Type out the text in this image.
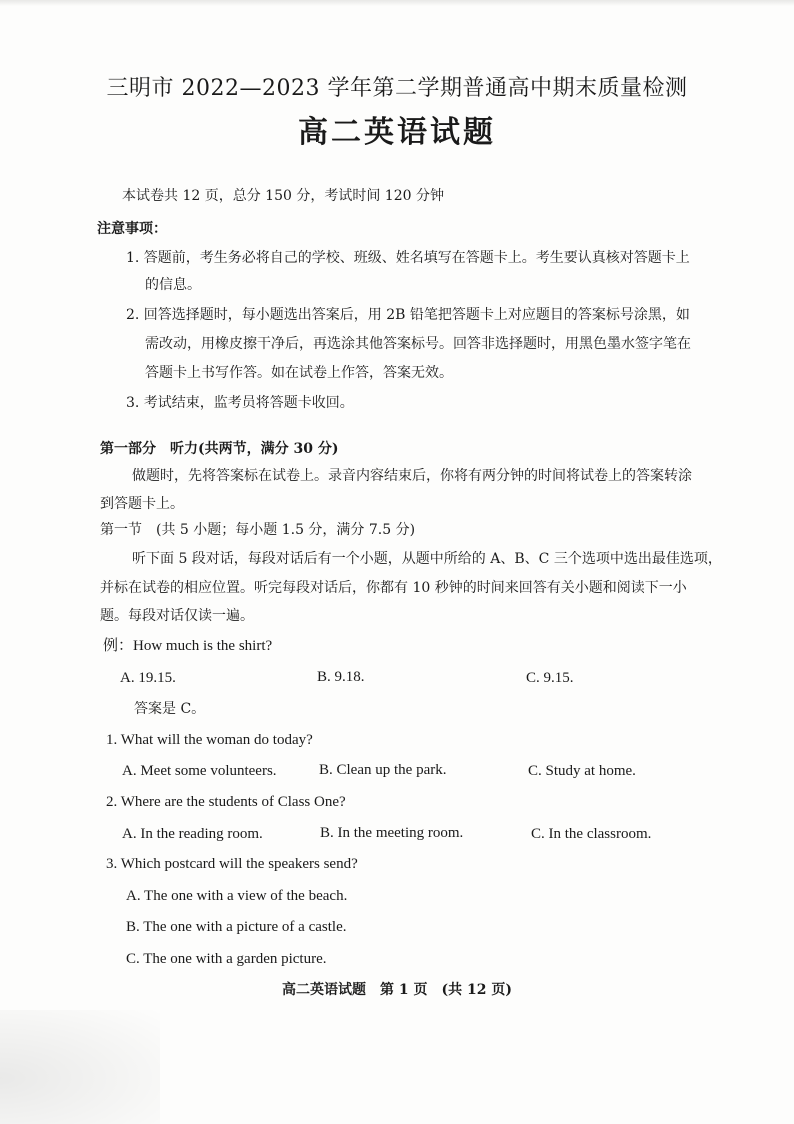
三明市 2022—2023 学年第二学期普通高中期末质量检测
高二英语试题
本试卷共 12 页，总分 150 分，考试时间 120 分钟
注意事项：
1. 答题前，考生务必将自己的学校、班级、姓名填写在答题卡上。考生要认真核对答题卡上
的信息。
2. 回答选择题时，每小题选出答案后，用 2B 铅笔把答题卡上对应题目的答案标号涂黑，如
需改动，用橡皮擦干净后，再选涂其他答案标号。回答非选择题时，用黑色墨水签字笔在
答题卡上书写作答。如在试卷上作答，答案无效。
3. 考试结束，监考员将答题卡收回。
第一部分　听力(共两节，满分 30 分)
做题时，先将答案标在试卷上。录音内容结束后，你将有两分钟的时间将试卷上的答案转涂
到答题卡上。
第一节　(共 5 小题；每小题 1.5 分，满分 7.5 分)
听下面 5 段对话，每段对话后有一个小题，从题中所给的 A、B、C 三个选项中选出最佳选项，
并标在试卷的相应位置。听完每段对话后，你都有 10 秒钟的时间来回答有关小题和阅读下一小
题。每段对话仅读一遍。
例：How much is the shirt?
A. 19.15.	B. 9.18.	C. 9.15.
答案是 C。
1. What will the woman do today?
A. Meet some volunteers.	B. Clean up the park.	C. Study at home.
2. Where are the students of Class One?
A. In the reading room.	B. In the meeting room.	C. In the classroom.
3. Which postcard will the speakers send?
A. The one with a view of the beach.
B. The one with a picture of a castle.
C. The one with a garden picture.
高二英语试题　第 1 页　(共 12 页)
